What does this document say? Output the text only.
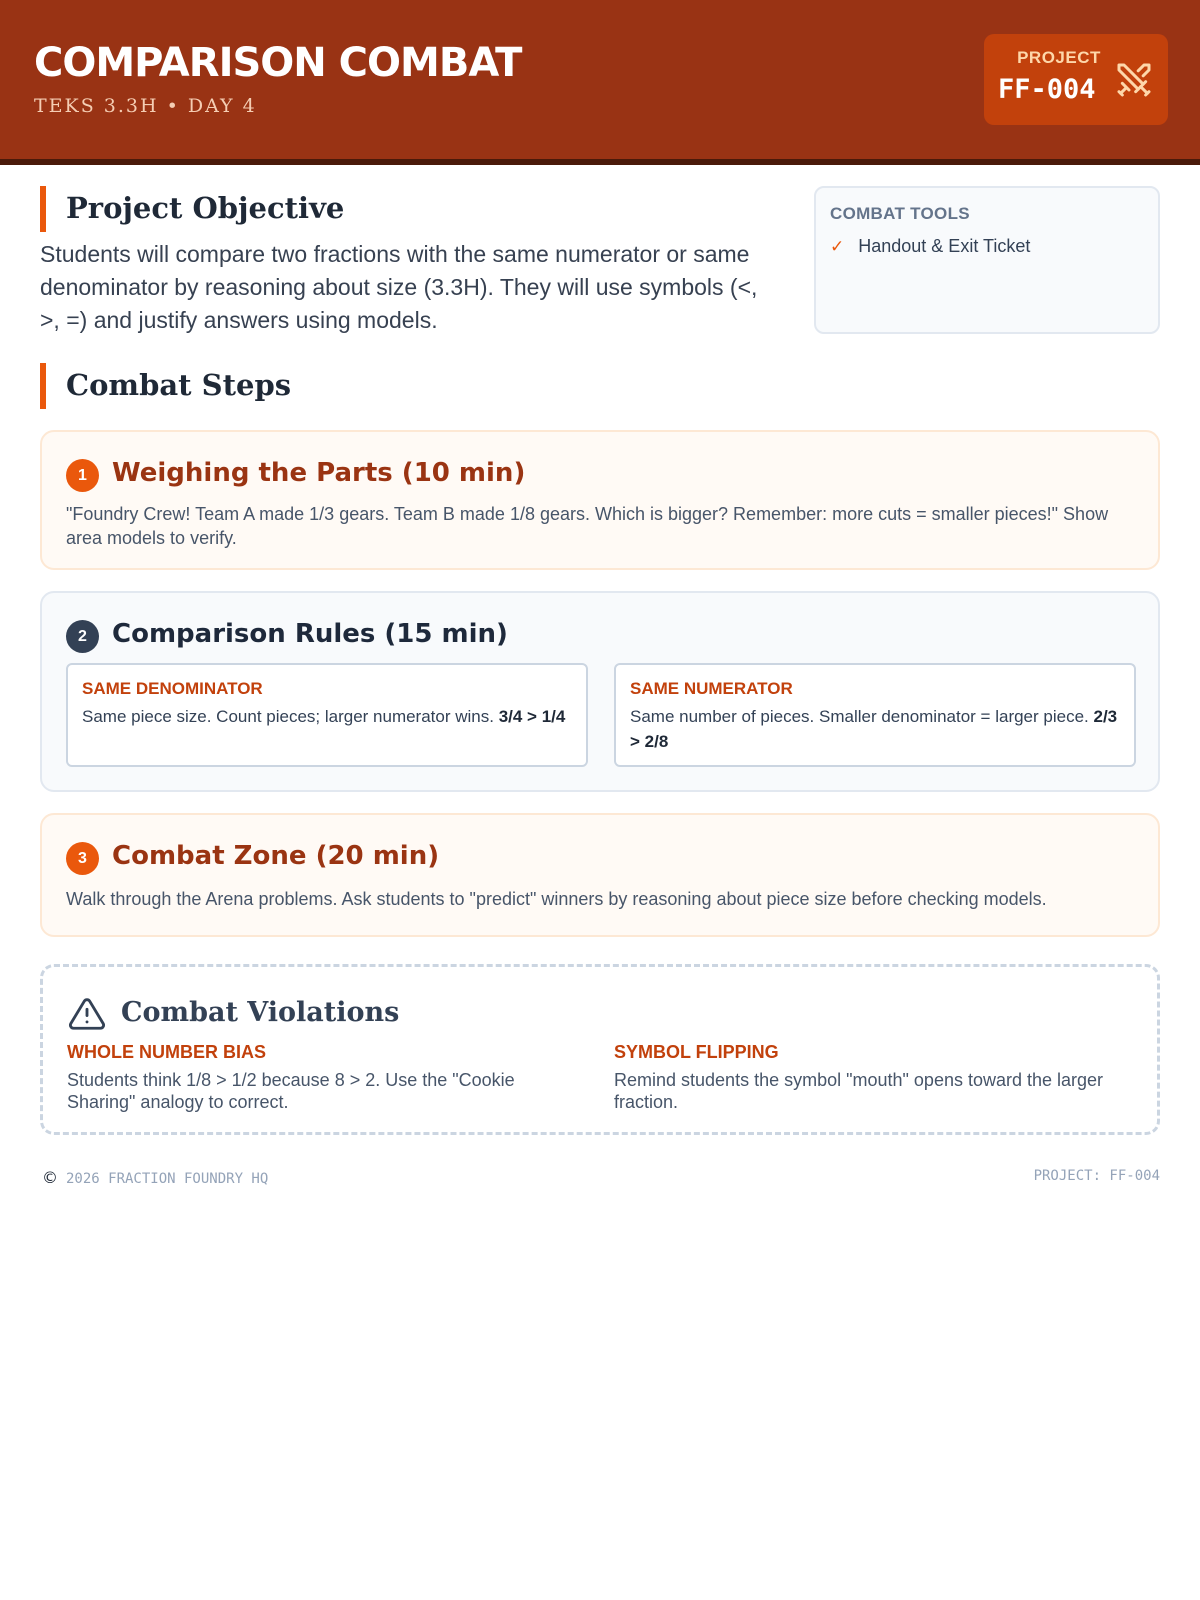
COMPARISON COMBAT
TEKS 3.3H • DAY 4
PROJECT
FF-004
Project Objective

Students will compare two fractions with the same numerator or same denominator by reasoning about size (3.3H). They will use symbols (<, >, =) and justify answers using models.

COMBAT TOOLS
✓ Handout & Exit Ticket
Combat Steps
1 Weighing the Parts (10 min)

"Foundry Crew! Team A made 1/3 gears. Team B made 1/8 gears. Which is bigger? Remember: more cuts = smaller pieces!" Show area models to verify.

2 Comparison Rules (15 min)
SAME DENOMINATOR
Same piece size. Count pieces; larger numerator wins. 3/4 > 1/4
SAME NUMERATOR
Same number of pieces. Smaller denominator = larger piece. 2/3 > 2/8
3 Combat Zone (20 min)

Walk through the Arena problems. Ask students to "predict" winners by reasoning about piece size before checking models.

Combat Violations
WHOLE NUMBER BIAS
Students think 1/8 > 1/2 because 8 > 2. Use the "Cookie Sharing" analogy to correct.
SYMBOL FLIPPING
Remind students the symbol "mouth" opens toward the larger fraction.
© 2026 FRACTION FOUNDRY HQ	PROJECT: FF-004
